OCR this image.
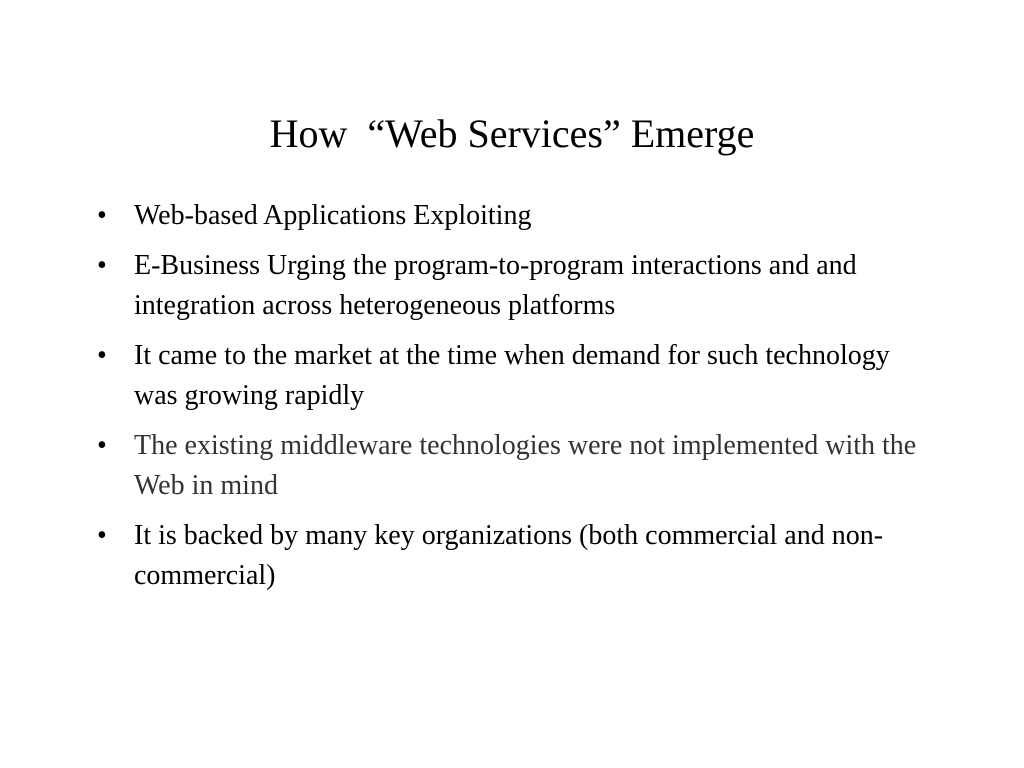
How  “Web Services” Emerge
• Web-based Applications Exploiting
• E-Business Urging the program-to-program interactions and and integration across heterogeneous platforms
• It came to the market at the time when demand for such technology was growing rapidly
• The existing middleware technologies were not implemented with the Web in mind
• It is backed by many key organizations (both commercial and non-commercial)
